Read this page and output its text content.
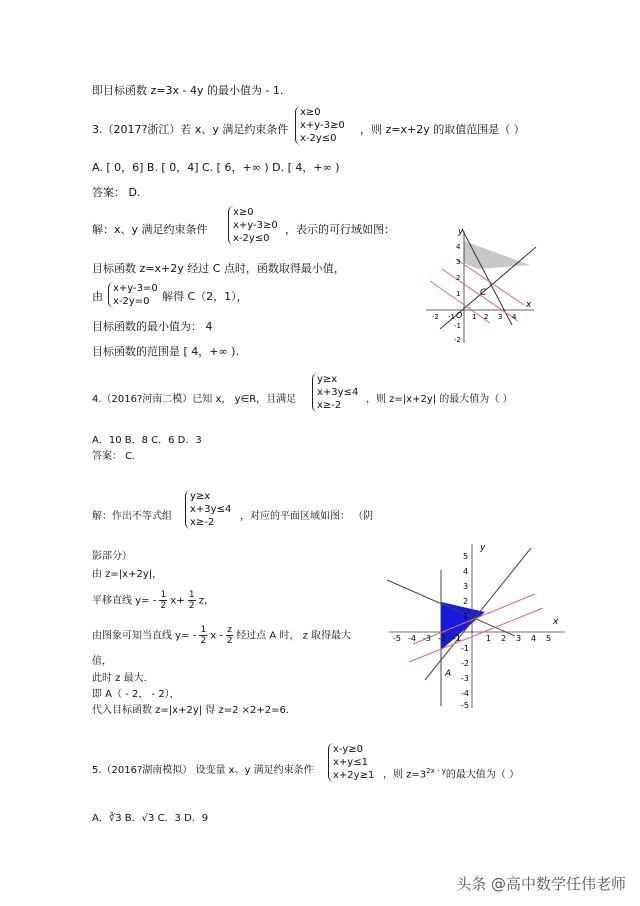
即目标函数 z=3x - 4y 的最小值为 - 1.
3.（2017?浙江）若 x、y 满足约束条件
x≥0
x+y-3≥0
x-2y≤0
，则 z=x+2y 的取值范围是（ ）
A. [ 0，6] B. [ 0，4] C. [ 6，+∞ ) D. [ 4，+∞ )
答案： D.
解：x、y 满足约束条件
x≥0
x+y-3≥0
x-2y≤0
，表示的可行域如图：
目标函数 z=x+2y 经过 C 点时，函数取得最小值，
由
x+y-3=0
x-2y=0	解得 C（2，1），
目标函数的最小值为： 4
目标函数的范围是 [ 4，+∞ ).
y
x
O
C
-2 -1 1 2 3 4
4
3
2
1
-1
-2
4.（2016?河南二模）已知 x， y∈R，且满足
y≥x
x+3y≤4
x≥-2
，则 z=|x+2y| 的最大值为（ ）
A．10 B．8 C．6 D．3
答案： C.
解：作出不等式组
y≥x
x+3y≤4
x≥-2
，对应的平面区域如图： （阴
影部分）
由 z=|x+2y|，
平移直线 $y= - \frac{1}{2} x+ \frac{1}{2}$ z，
由图象可知当直线 $y= - \frac{1}{2}$ x - $\frac{z}{2}$ 经过点 A 时， z 取得最大
值，
此时 z 最大．
即 A（ - 2， - 2），
代入目标函数 z=|x+2y| 得 z=2 ×2+2=6．
y
x
A
-5 -4 -3 -2 -1	1 2 3 4 5
5
4
3
2
1
-1
-2
-3
-4
-5
5.（2016?湖南模拟） 设变量 x、y 满足约束条件
x-y≥0
x+y≤1
x+2y≥1 ，则 $z=3^{2x - y}$的最大值为（ ）
A．∛3 B．√3 C．3 D．9
头条 @高中数学任伟老师
